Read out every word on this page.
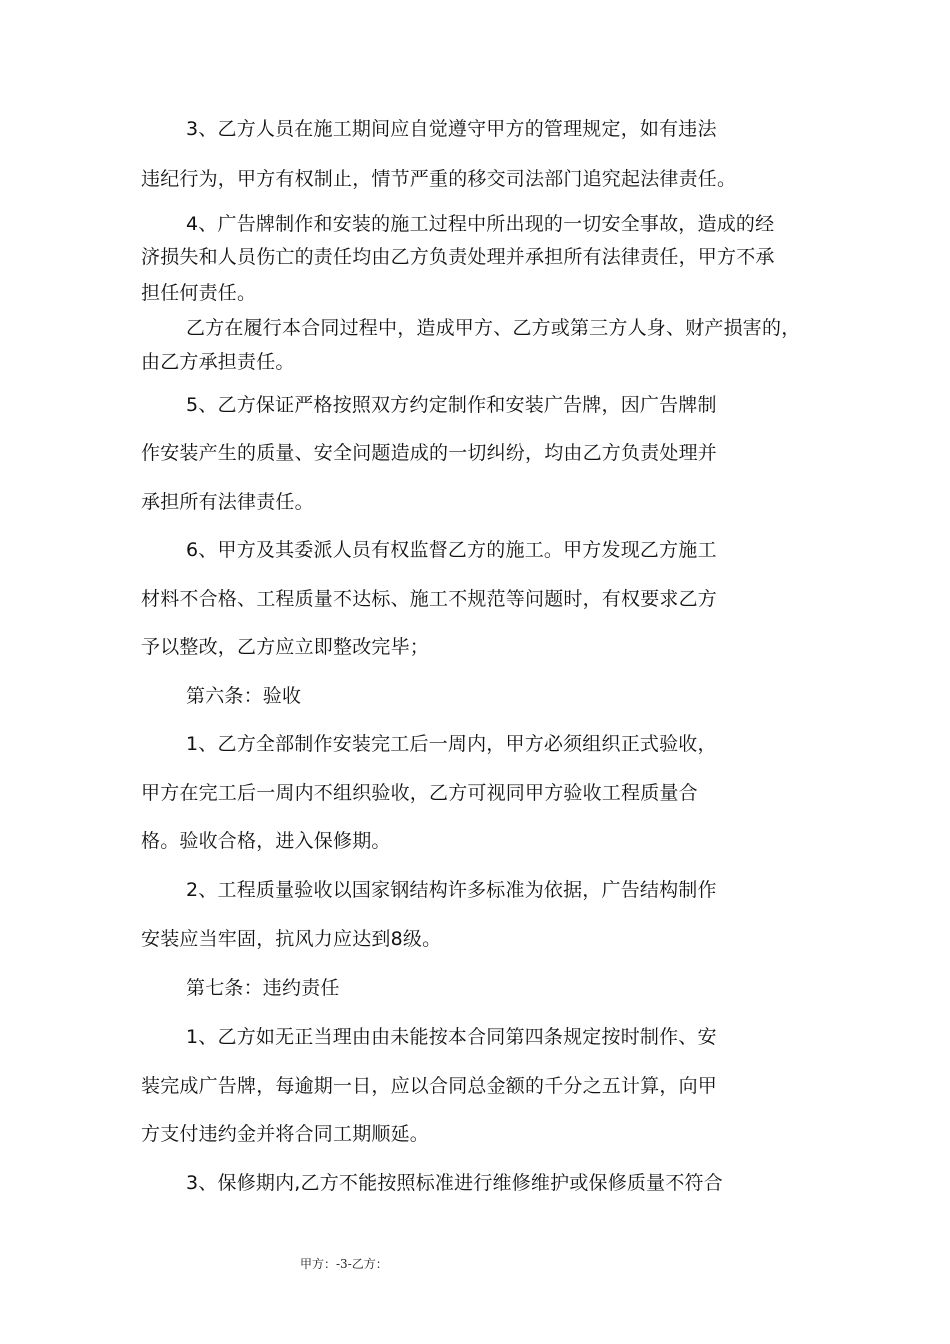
3、乙方人员在施工期间应自觉遵守甲方的管理规定，如有违法
违纪行为，甲方有权制止，情节严重的移交司法部门追究起法律责任。
4、广告牌制作和安装的施工过程中所出现的一切安全事故，造成的经
济损失和人员伤亡的责任均由乙方负责处理并承担所有法律责任，甲方不承
担任何责任。
乙方在履行本合同过程中，造成甲方、乙方或第三方人身、财产损害的，
由乙方承担责任。
5、乙方保证严格按照双方约定制作和安装广告牌，因广告牌制
作安装产生的质量、安全问题造成的一切纠纷，均由乙方负责处理并
承担所有法律责任。
6、甲方及其委派人员有权监督乙方的施工。甲方发现乙方施工
材料不合格、工程质量不达标、施工不规范等问题时，有权要求乙方
予以整改，乙方应立即整改完毕；
第六条：验收
1、乙方全部制作安装完工后一周内，甲方必须组织正式验收，
甲方在完工后一周内不组织验收，乙方可视同甲方验收工程质量合
格。验收合格，进入保修期。
2、工程质量验收以国家钢结构许多标准为依据，广告结构制作
安装应当牢固，抗风力应达到8级。
第七条：违约责任
1、乙方如无正当理由由未能按本合同第四条规定按时制作、安
装完成广告牌，每逾期一日，应以合同总金额的千分之五计算，向甲
方支付违约金并将合同工期顺延。
3、保修期内,乙方不能按照标准进行维修维护或保修质量不符合
甲方：-3-乙方：
